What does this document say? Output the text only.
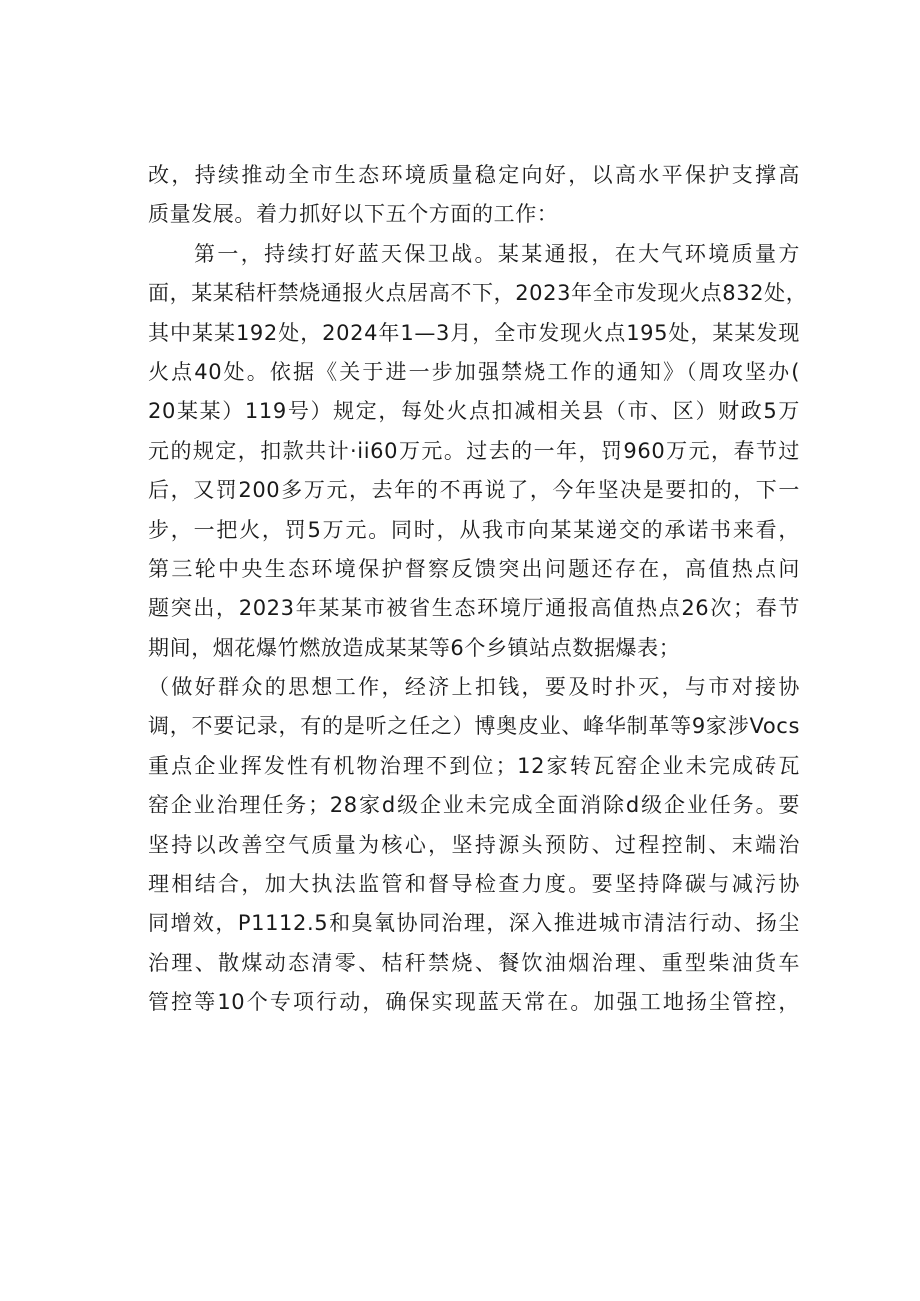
改，持续推动全市生态环境质量稳定向好，以高水平保护支撑高
质量发展。着力抓好以下五个方面的工作：
第一，持续打好蓝天保卫战。某某通报，在大气环境质量方
面，某某秸杆禁烧通报火点居高不下，2023年全市发现火点832处，
其中某某192处，2024年1—3月，全市发现火点195处，某某发现
火点40处。依据《关于进一步加强禁烧工作的通知》（周攻坚办(
20某某）119号）规定，每处火点扣减相关县（市、区）财政5万
元的规定，扣款共计·ii60万元。过去的一年，罚960万元，春节过
后，又罚200多万元，去年的不再说了，今年坚决是要扣的，下一
步，一把火，罚5万元。同时，从我市向某某递交的承诺书来看，
第三轮中央生态环境保护督察反馈突出问题还存在，高值热点问
题突出，2023年某某市被省生态环境厅通报高值热点26次；春节
期间，烟花爆竹燃放造成某某等6个乡镇站点数据爆表；
（做好群众的思想工作，经济上扣钱，要及时扑灭，与市对接协
调，不要记录，有的是听之任之）博奥皮业、峰华制革等9家涉Vocs
重点企业挥发性有机物治理不到位；12家转瓦窑企业未完成砖瓦
窑企业治理任务；28家d级企业未完成全面消除d级企业任务。要
坚持以改善空气质量为核心，坚持源头预防、过程控制、末端治
理相结合，加大执法监管和督导检查力度。要坚持降碳与减污协
同增效，P1112.5和臭氧协同治理，深入推进城市清洁行动、扬尘
治理、散煤动态清零、桔秆禁烧、餐饮油烟治理、重型柴油货车
管控等10个专项行动，确保实现蓝天常在。加强工地扬尘管控，
